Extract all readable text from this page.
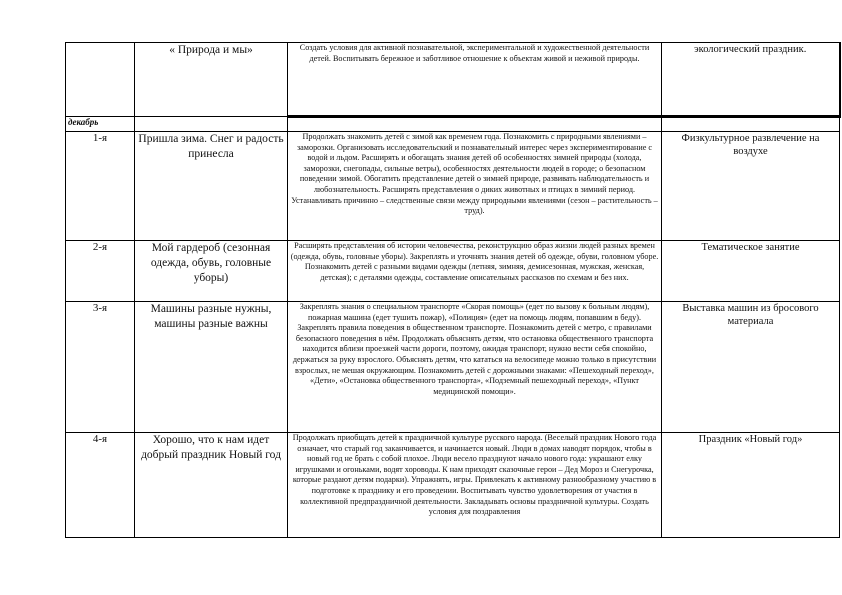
	« Природа и мы»	Создать условия для активной познавательной, экспериментальной и художественной деятельности детей. Воспитывать бережное и заботливое отношение к объектам живой и неживой природы.	экологический праздник.
декабрь			
1-я	Пришла зима. Снег и радость принесла	Продолжать знакомить детей с зимой как временем года. Познакомить с природными явлениями – заморозки. Организовать исследовательский и познавательный интерес через экспериментирование с водой и льдом. Расширять и обогащать знания детей об особенностях зимней природы (холода, заморозки, снегопады, сильные ветры), особенностях деятельности людей в городе; о безопасном поведении зимой. Обогатить представление детей о зимней природе, развивать наблюдательность и любознательность. Расширять представления о диких животных и птицах в зимний период. Устанавливать причинно – следственные связи между природными явлениями (сезон – растительность – труд).	Физкультурное развлечение на воздухе
2-я	Мой гардероб (сезонная одежда, обувь, головные уборы)	Расширять представления об истории человечества, реконструкцию образ жизни людей разных времен (одежда, обувь, головные уборы). Закреплять и уточнять знания детей об одежде, обуви, головном уборе. Познакомить детей с разными видами одежды (летняя, зимняя, демисезонная, мужская, женская, детская); с деталями одежды, составление описательных рассказов по схемам и без них.	Тематическое занятие
3-я	Машины разные нужны, машины разные важны	Закреплять знания о специальном транспорте «Скорая помощь» (едет по вызову к больным людям), пожарная машина (едет тушить пожар), «Полиция» (едет на помощь людям, попавшим в беду). Закреплять правила поведения в общественном транспорте. Познакомить детей с метро, с правилами безопасного поведения в нём. Продолжать объяснять детям, что остановка общественного транспорта находится вблизи проезжей части дороги, поэтому, ожидая транспорт, нужно вести себя спокойно, держаться за руку взрослого. Объяснять детям, что кататься на велосипеде можно только в присутствии взрослых, не мешая окружающим. Познакомить детей с дорожными знаками: «Пешеходный переход», «Дети», «Остановка общественного транспорта», «Подземный пешеходный переход», «Пункт медицинской помощи».	Выставка машин из бросового материала
4-я	Хорошо, что к нам идет добрый праздник Новый год	Продолжать приобщать детей к праздничной культуре русского народа. (Веселый праздник Нового года означает, что старый год заканчивается, и начинается новый. Люди в домах наводят порядок, чтобы в новый год не брать с собой плохое. Люди весело празднуют начало нового года: украшают елку игрушками и огоньками, водят хороводы. К нам приходят сказочные герои – Дед Мороз и Снегурочка, которые раздают детям подарки). Упражнять, игры. Привлекать к активному разнообразному участию в подготовке к празднику и его проведении. Воспитывать чувство удовлетворения от участия в коллективной предпраздничной деятельности. Закладывать основы праздничной культуры. Создать условия для поздравления	Праздник «Новый год»
